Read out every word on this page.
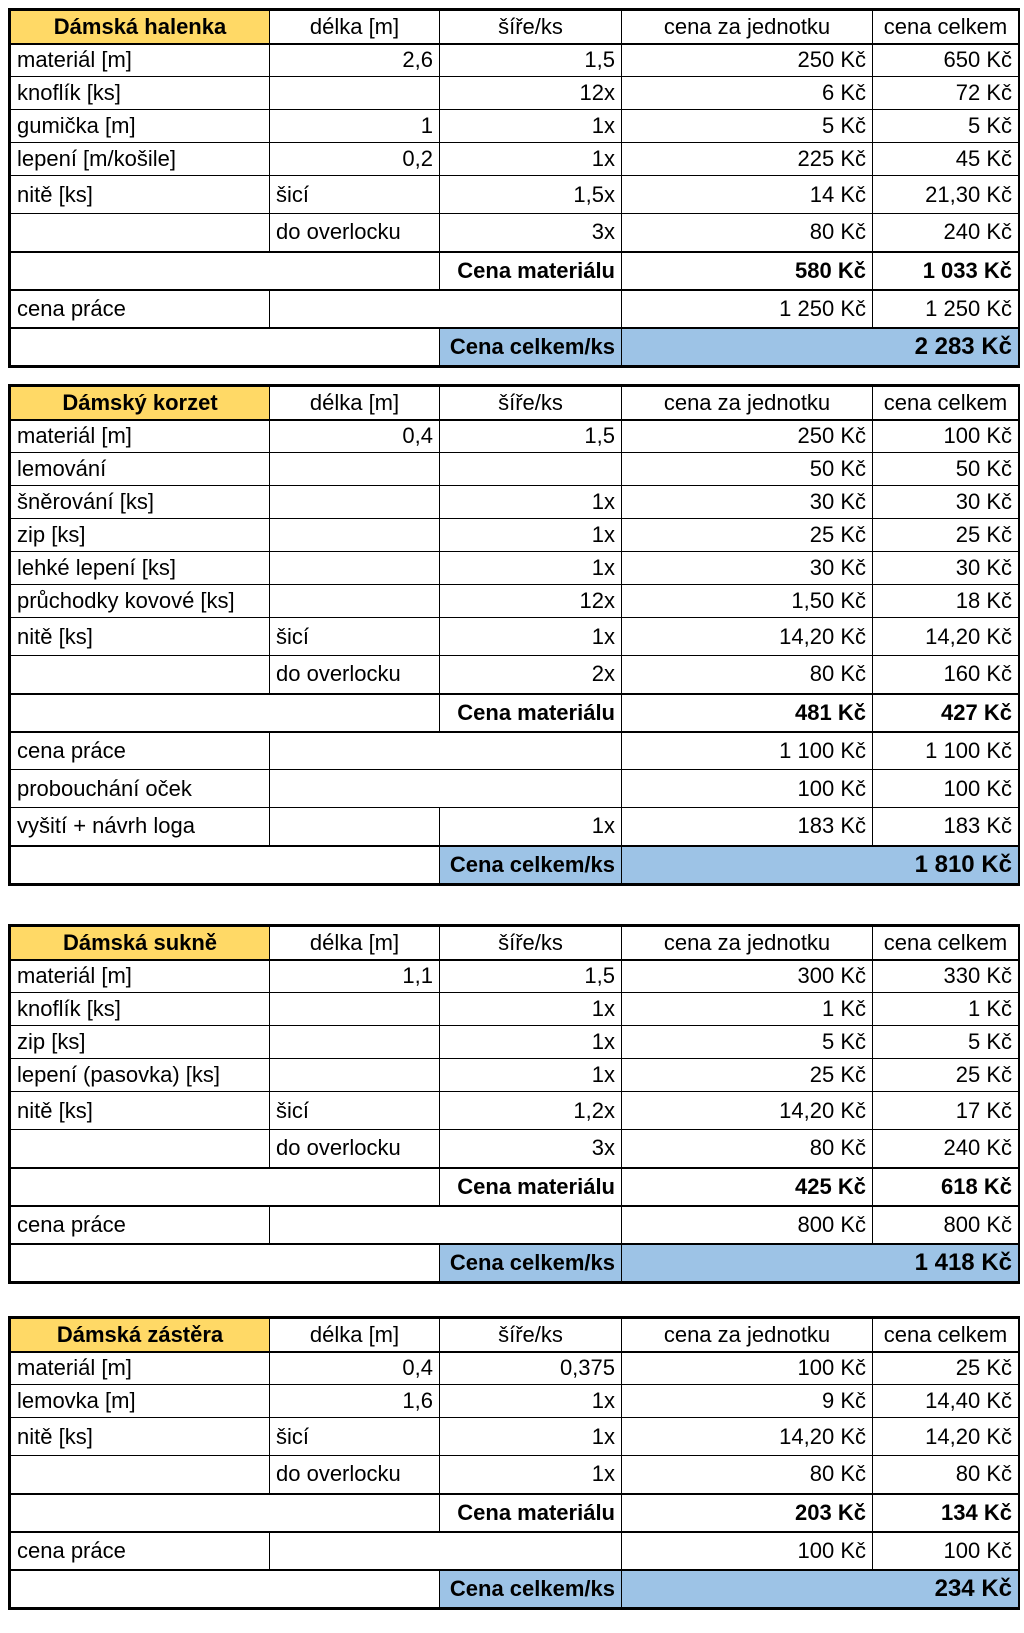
Dámská halenka	délka [m]	šíře/ks	cena za jednotku	cena celkem
materiál [m]	2,6	1,5	250 Kč	650 Kč
knoflík [ks]		12x	6 Kč	72 Kč
gumička [m]	1	1x	5 Kč	5 Kč
lepení [m/košile]	0,2	1x	225 Kč	45 Kč
nitě [ks]	šicí	1,5x	14 Kč	21,30 Kč
	do overlocku	3x	80 Kč	240 Kč
		Cena materiálu	580 Kč	1 033 Kč
cena práce			1 250 Kč	1 250 Kč
		Cena celkem/ks	2 283 Kč	
Dámský korzet	délka [m]	šíře/ks	cena za jednotku	cena celkem
materiál [m]	0,4	1,5	250 Kč	100 Kč
lemování			50 Kč	50 Kč
šněrování [ks]		1x	30 Kč	30 Kč
zip [ks]		1x	25 Kč	25 Kč
lehké lepení [ks]		1x	30 Kč	30 Kč
průchodky kovové [ks]		12x	1,50 Kč	18 Kč
nitě [ks]	šicí	1x	14,20 Kč	14,20 Kč
	do overlocku	2x	80 Kč	160 Kč
		Cena materiálu	481 Kč	427 Kč
cena práce			1 100 Kč	1 100 Kč
probouchání oček			100 Kč	100 Kč
vyšití + návrh loga		1x	183 Kč	183 Kč
		Cena celkem/ks	1 810 Kč	
Dámská sukně	délka [m]	šíře/ks	cena za jednotku	cena celkem
materiál [m]	1,1	1,5	300 Kč	330 Kč
knoflík [ks]		1x	1 Kč	1 Kč
zip [ks]		1x	5 Kč	5 Kč
lepení (pasovka) [ks]		1x	25 Kč	25 Kč
nitě [ks]	šicí	1,2x	14,20 Kč	17 Kč
	do overlocku	3x	80 Kč	240 Kč
		Cena materiálu	425 Kč	618 Kč
cena práce			800 Kč	800 Kč
		Cena celkem/ks	1 418 Kč	
Dámská zástěra	délka [m]	šíře/ks	cena za jednotku	cena celkem
materiál [m]	0,4	0,375	100 Kč	25 Kč
lemovka [m]	1,6	1x	9 Kč	14,40 Kč
nitě [ks]	šicí	1x	14,20 Kč	14,20 Kč
	do overlocku	1x	80 Kč	80 Kč
		Cena materiálu	203 Kč	134 Kč
cena práce			100 Kč	100 Kč
		Cena celkem/ks	234 Kč	
